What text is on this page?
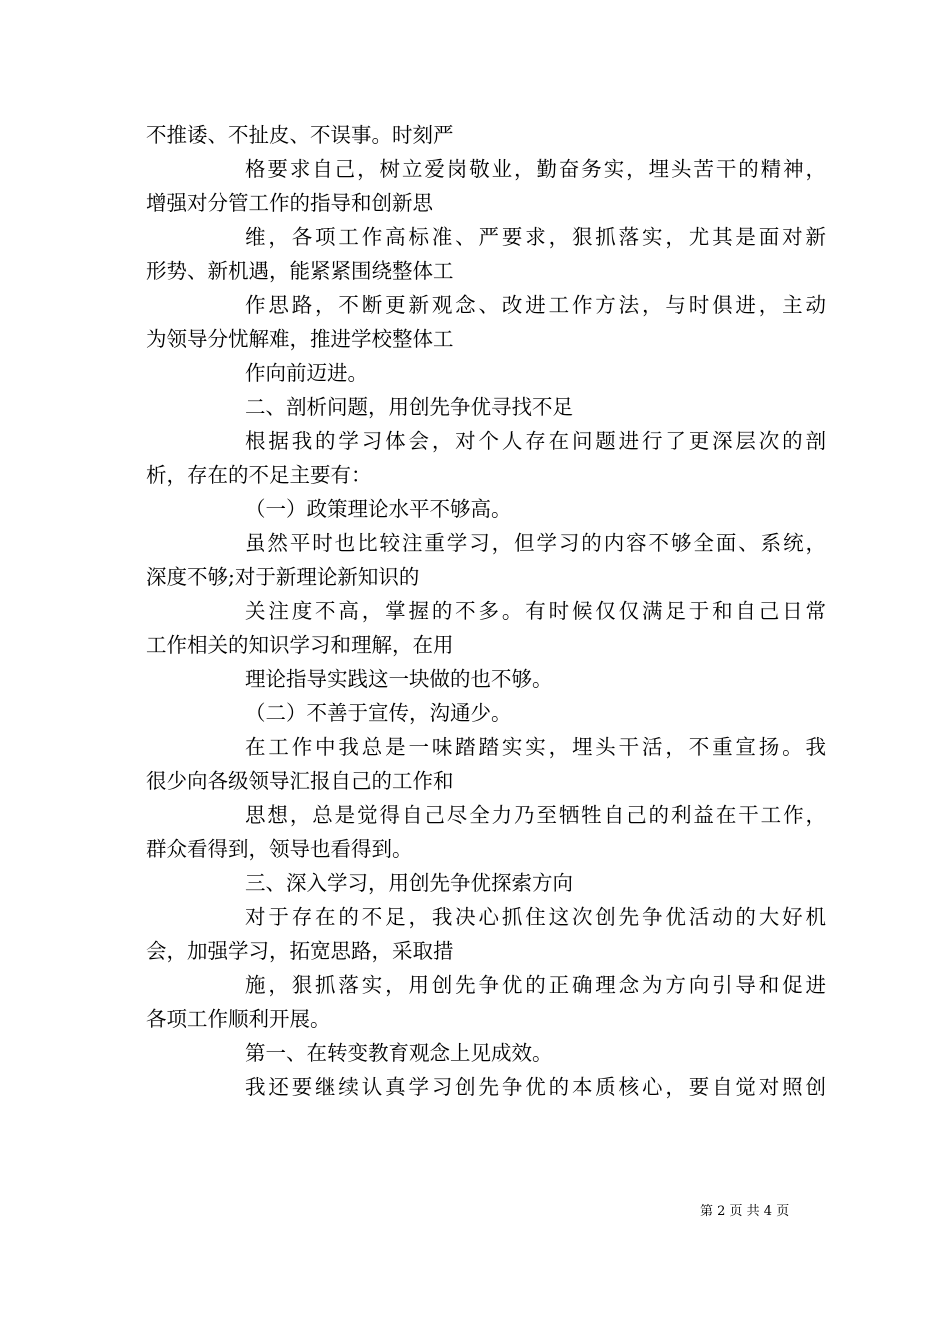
不推诿、不扯皮、不误事。时刻严
格要求自己，树立爱岗敬业，勤奋务实，埋头苦干的精神，
增强对分管工作的指导和创新思
维，各项工作高标准、严要求，狠抓落实，尤其是面对新
形势、新机遇，能紧紧围绕整体工
作思路，不断更新观念、改进工作方法，与时俱进，主动
为领导分忧解难，推进学校整体工
作向前迈进。
二、剖析问题，用创先争优寻找不足
根据我的学习体会，对个人存在问题进行了更深层次的剖
析，存在的不足主要有：
（一）政策理论水平不够高。
虽然平时也比较注重学习，但学习的内容不够全面、系统，
深度不够;对于新理论新知识的
关注度不高，掌握的不多。有时候仅仅满足于和自己日常
工作相关的知识学习和理解，在用
理论指导实践这一块做的也不够。
（二）不善于宣传，沟通少。
在工作中我总是一味踏踏实实，埋头干活，不重宣扬。我
很少向各级领导汇报自己的工作和
思想，总是觉得自己尽全力乃至牺牲自己的利益在干工作，
群众看得到，领导也看得到。
三、深入学习，用创先争优探索方向
对于存在的不足，我决心抓住这次创先争优活动的大好机
会，加强学习，拓宽思路，采取措
施，狠抓落实，用创先争优的正确理念为方向引导和促进
各项工作顺利开展。
第一、在转变教育观念上见成效。
我还要继续认真学习创先争优的本质核心，要自觉对照创
第 2 页 共 4 页
